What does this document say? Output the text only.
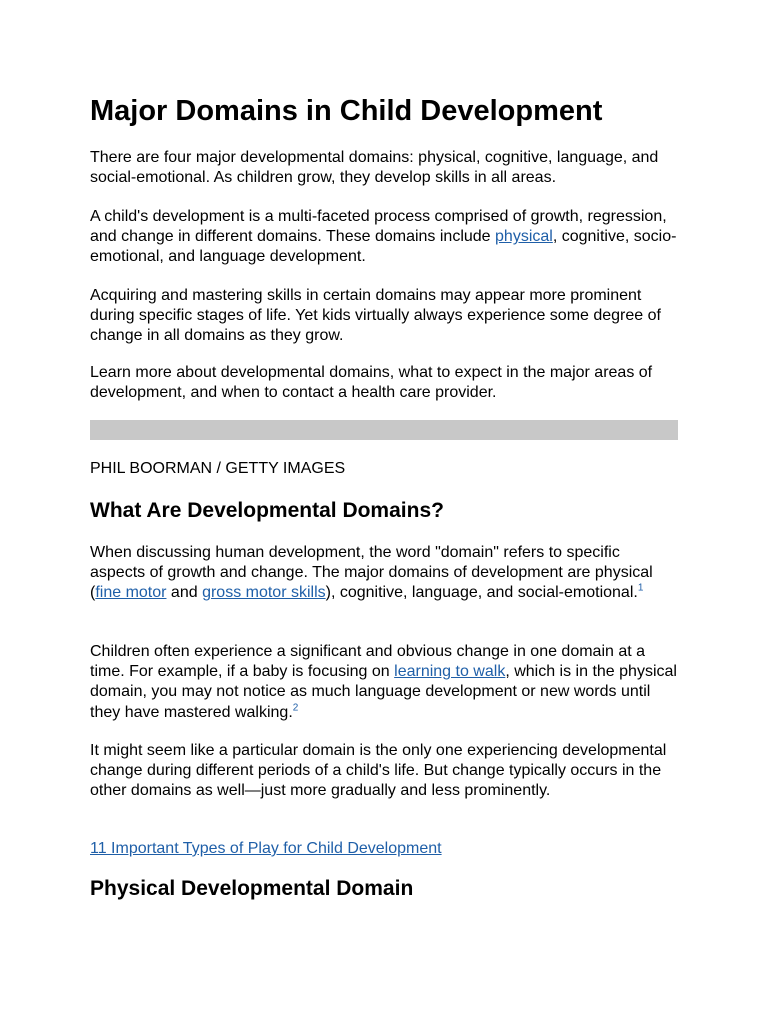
Major Domains in Child Development

There are four major developmental domains: physical, cognitive, language, and social-emotional. As children grow, they develop skills in all areas.

A child's development is a multi-faceted process comprised of growth, regression, and change in different domains. These domains include physical, cognitive, socio-emotional, and language development.

Acquiring and mastering skills in certain domains may appear more prominent during specific stages of life. Yet kids virtually always experience some degree of change in all domains as they grow.

Learn more about developmental domains, what to expect in the major areas of development, and when to contact a health care provider.

PHIL BOORMAN / GETTY IMAGES
What Are Developmental Domains?

When discussing human development, the word "domain" refers to specific aspects of growth and change. The major domains of development are physical (fine motor and gross motor skills), cognitive, language, and social-emotional.$^1$

Children often experience a significant and obvious change in one domain at a time. For example, if a baby is focusing on learning to walk, which is in the physical domain, you may not notice as much language development or new words until they have mastered walking.$^2$

It might seem like a particular domain is the only one experiencing developmental change during different periods of a child's life. But change typically occurs in the other domains as well—just more gradually and less prominently.

11 Important Types of Play for Child Development

Physical Developmental Domain
